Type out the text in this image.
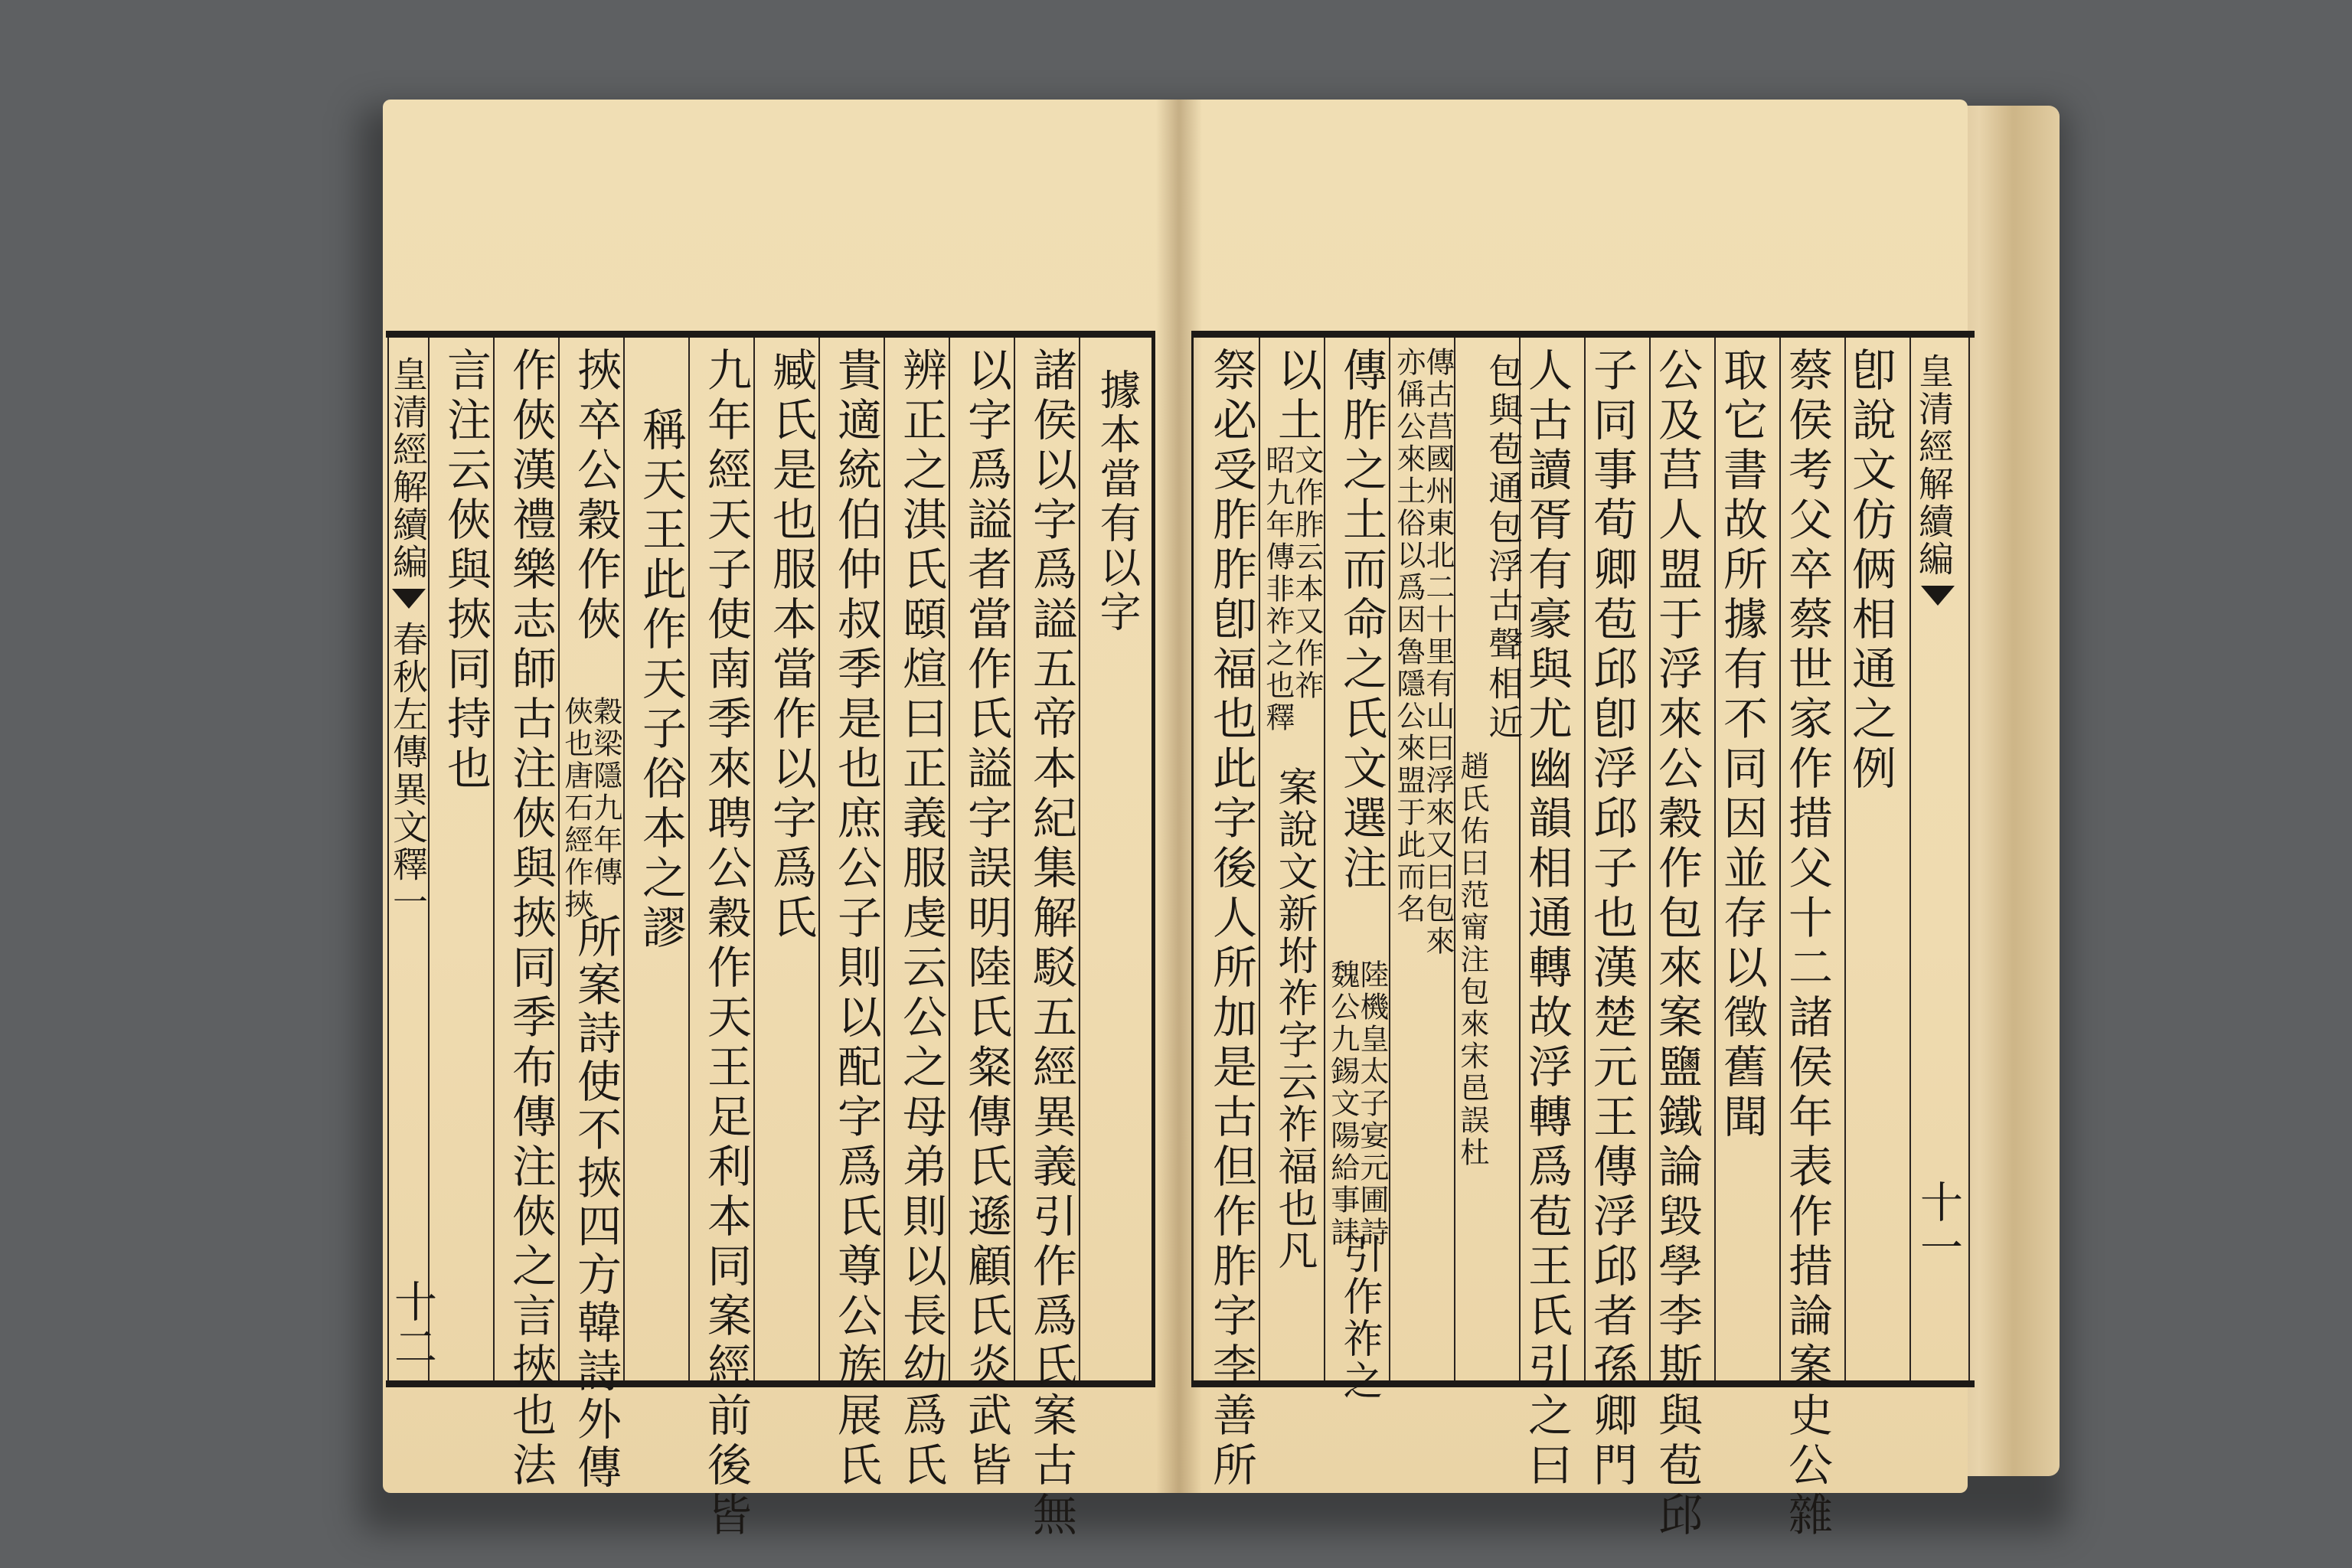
皇清經解續編
春秋左傳異文釋一
十二
據本當有以字
諸侯以字爲謚五帝本紀集解駁五經異義引作爲氏案古無
以字爲謚者當作氏謚字誤明陸氏粲傳氏遜顧氏炎武皆
辨正之淇氏頤煊曰正義服虔云公之母弟則以長幼爲氏
貴適統伯仲叔季是也庶公子則以配字爲氏尊公族展氏
臧氏是也服本當作以字爲氏
九年經天子使南季來聘公穀作天王足利本同案經前後皆
稱天王此作天子俗本之謬
挾卒公穀作俠
穀梁隱九年傳
俠也唐石經作挾
所案詩使不挾四方韓詩外傳
作俠漢禮樂志師古注俠與挾同季布傳注俠之言挾也法
言注云俠與挾同持也	皇清經解續編
十一
卽說文仿俩相通之例
蔡侯考父卒蔡世家作措父十二諸侯年表作措論案史公雜
取它書故所據有不同因並存以徵舊聞
公及莒人盟于浮來公穀作包來案鹽鐵論毀學李斯與苞邱
子同事荀卿苞邱卽浮邱子也漢楚元王傳浮邱者孫卿門
人古讀胥有豪與尤幽韻相通轉故浮轉爲苞王氏引之曰
包與苞通包浮古聲相近
趙氏佑曰范甯注包來宋邑誤杜
傳古莒國州東北二十里有山曰浮來又曰包來
亦偁公來土俗以爲因魯隱公來盟于此而名
傳胙之土而命之氏文選注
陸機皇太子宴元圃詩
魏公九錫文陽給事誄
引作祚之
以土
文作胙云本又作祚
昭九年傳非祚之也釋
案說文新坿祚字云祚福也凡
祭必受胙胙卽福也此字後人所加是古但作胙字李善所
